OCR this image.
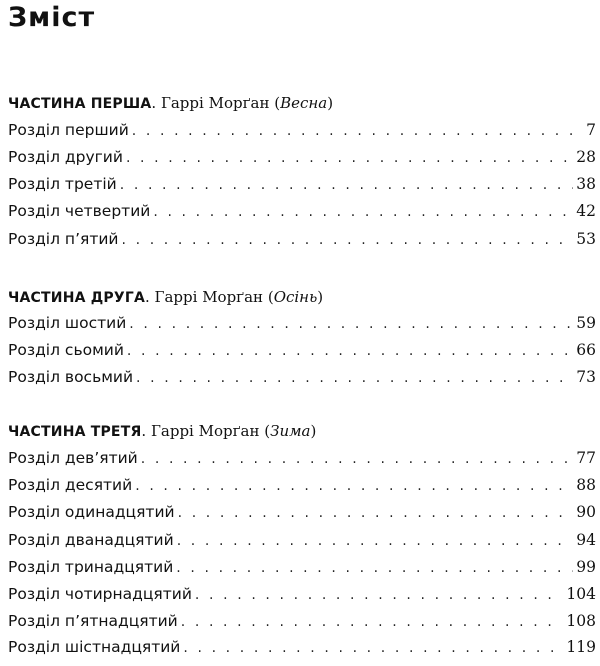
Зміст
ЧАСТИНА ПЕРША. Гаррі Морґан (Весна)
Розділ перший . . .	7
Розділ другий . . .	28
Розділ третій . . .	38
Розділ четвертий . . .	42
Розділ п’ятий . . .	53
ЧАСТИНА ДРУГА. Гаррі Морґан (Осінь)
Розділ шостий . . .	59
Розділ сьомий . . .	66
Розділ восьмий . . .	73
ЧАСТИНА ТРЕТЯ. Гаррі Морґан (Зима)
Розділ дев’ятий . . .	77
Розділ десятий . . .	88
Розділ одинадцятий . . .	90
Розділ дванадцятий . . .	94
Розділ тринадцятий . . .	99
Розділ чотирнадцятий . . .	104
Розділ п’ятнадцятий . . .	108
Розділ шістнадцятий . . .	119
